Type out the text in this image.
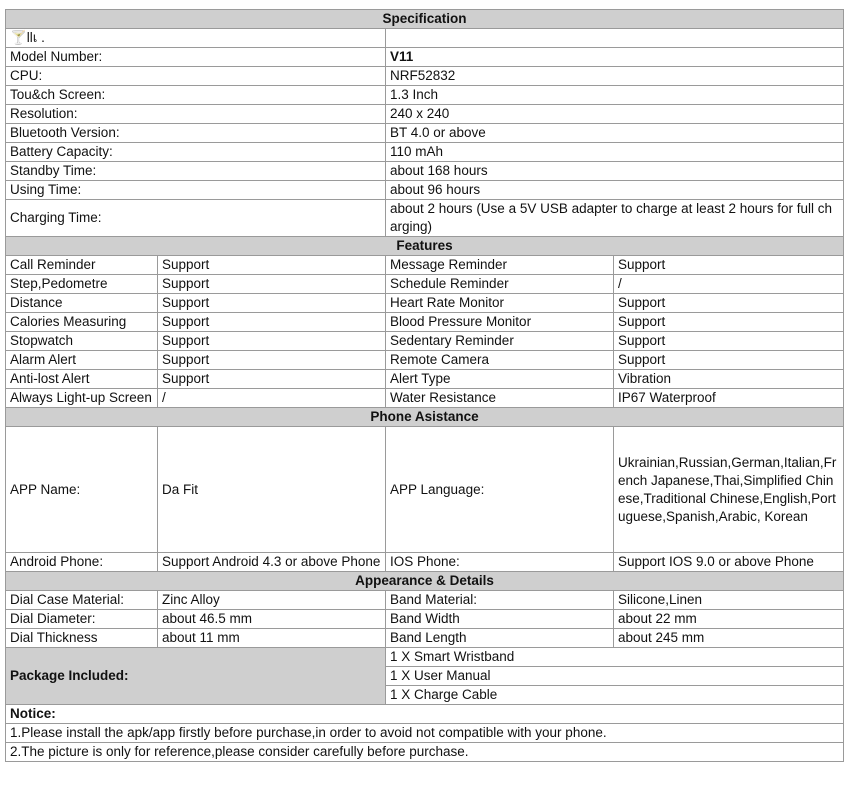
Specification			
🍸llเ .			
Model Number:		V11	
CPU:		NRF52832	
Tou&ch Screen:		1.3 Inch	
Resolution:		240 x 240	
Bluetooth Version:		BT 4.0 or above	
Battery Capacity:		110 mAh	
Standby Time:		about 168 hours	
Using Time:		about 96 hours	
Charging Time:		about 2 hours (Use a 5V USB adapter to charge at least 2 hours for full charging)	
Features			
Call Reminder	Support	Message Reminder	Support
Step,Pedometre	Support	Schedule Reminder	/
Distance	Support	Heart Rate Monitor	Support
Calories Measuring	Support	Blood Pressure Monitor	Support
Stopwatch	Support	Sedentary Reminder	Support
Alarm Alert	Support	Remote Camera	Support
Anti-lost Alert	Support	Alert Type	Vibration
Always Light-up Screen	/	Water Resistance	IP67 Waterproof
Phone Asistance			
APP Name:	Da Fit	APP Language:	Ukrainian,Russian,German,Italian,French Japanese,Thai,Simplified Chinese,Traditional Chinese,English,Portuguese,Spanish,Arabic, Korean
Android Phone:	Support Android 4.3 or above Phone	IOS Phone:	Support IOS 9.0 or above Phone
Appearance & Details			
Dial Case Material:	Zinc Alloy	Band Material:	Silicone,Linen
Dial Diameter:	about 46.5 mm	Band Width	about 22 mm
Dial Thickness	about 11 mm	Band Length	about 245 mm
Package Included:		1 X Smart Wristband	
		1 X User Manual	
		1 X Charge Cable	
Notice:			
1.Please install the apk/app firstly before purchase,in order to avoid not compatible with your phone.			
2.The picture is only for reference,please consider carefully before purchase.			
